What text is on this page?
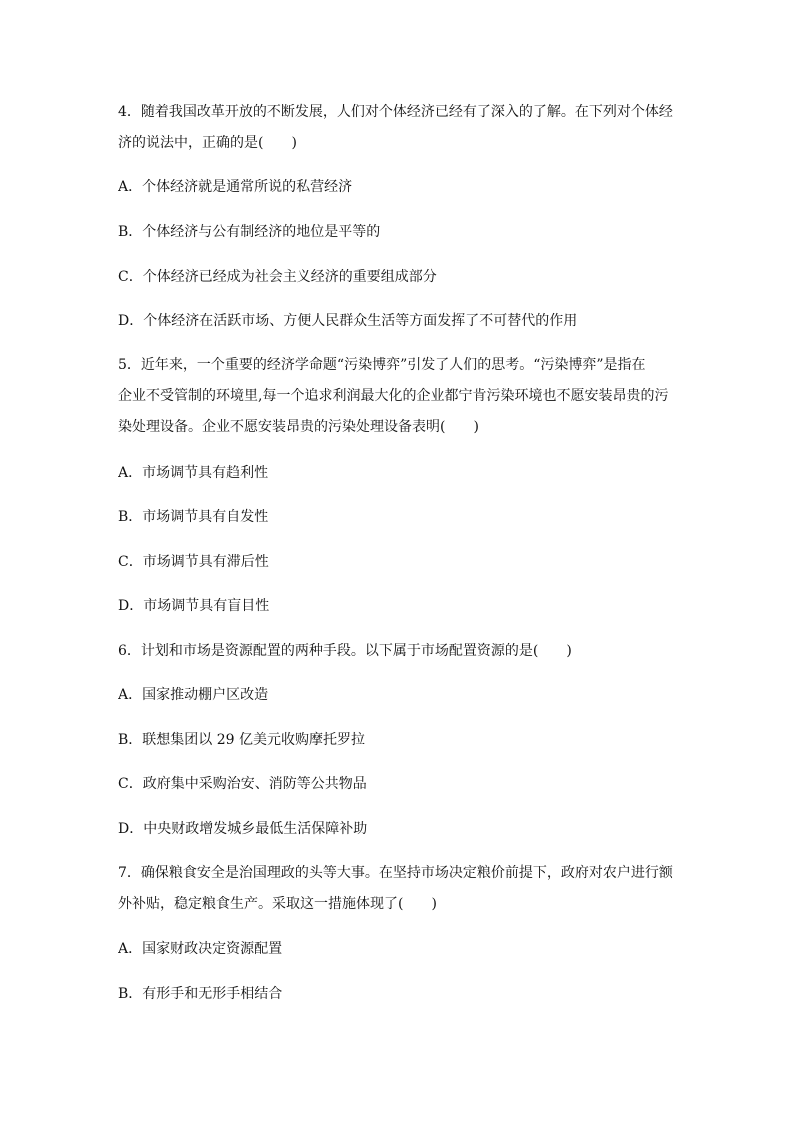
4．随着我国改革开放的不断发展，人们对个体经济已经有了深入的了解。在下列对个体经
济的说法中，正确的是(　　)
A．个体经济就是通常所说的私营经济
B．个体经济与公有制经济的地位是平等的
C．个体经济已经成为社会主义经济的重要组成部分
D．个体经济在活跃市场、方便人民群众生活等方面发挥了不可替代的作用
5．近年来，一个重要的经济学命题“污染博弈”引发了人们的思考。“污染博弈”是指在
企业不受管制的环境里,每一个追求利润最大化的企业都宁肯污染环境也不愿安装昂贵的污
染处理设备。企业不愿安装昂贵的污染处理设备表明(　　)
A．市场调节具有趋利性
B．市场调节具有自发性
C．市场调节具有滞后性
D．市场调节具有盲目性
6．计划和市场是资源配置的两种手段。以下属于市场配置资源的是(　　)
A．国家推动棚户区改造
B．联想集团以 29 亿美元收购摩托罗拉
C．政府集中采购治安、消防等公共物品
D．中央财政增发城乡最低生活保障补助
7．确保粮食安全是治国理政的头等大事。在坚持市场决定粮价前提下，政府对农户进行额
外补贴，稳定粮食生产。采取这一措施体现了(　　)
A．国家财政决定资源配置
B．有形手和无形手相结合
